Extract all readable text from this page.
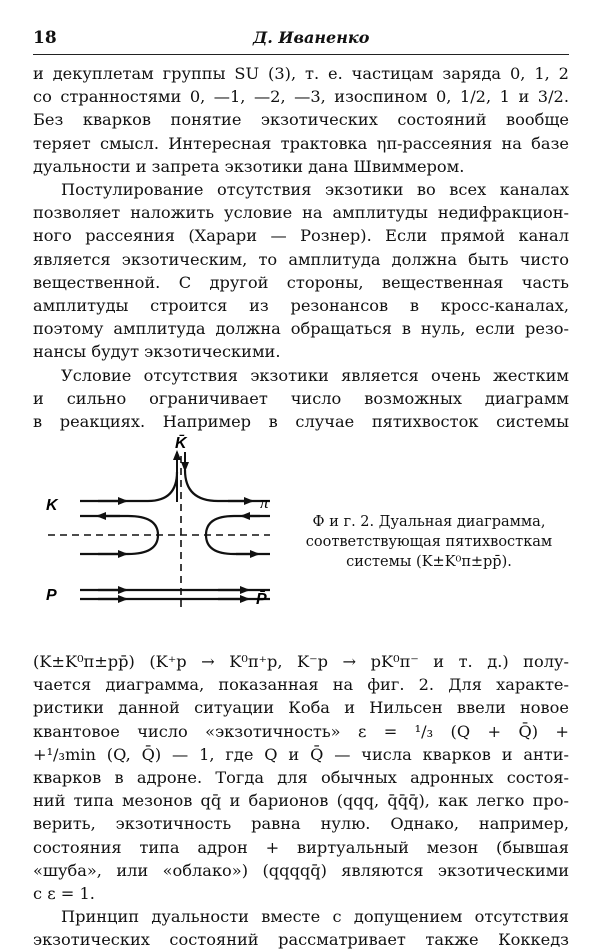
18	Д. Иваненко
и декуплетам группы SU (3), т. е. частицам заряда 0, 1, 2
со странностями 0, —1, —2, —3, изоспином 0, 1/2, 1 и 3/2.
Без кварков понятие экзотических состояний вообще
теряет смысл. Интересная трактовка ηπ-рассеяния на базе
дуальности и запрета экзотики дана Швиммером.
Постулирование отсутствия экзотики во всех каналах
позволяет наложить условие на амплитуды недифракцион-
ного рассеяния (Харари — Рознер). Если прямой канал
является экзотическим, то амплитуда должна быть чисто
вещественной. С другой стороны, вещественная часть
амплитуды строится из резонансов в кросс-каналах,
поэтому амплитуда должна обращаться в нуль, если резо-
нансы будут экзотическими.
Условие отсутствия экзотики является очень жестким
и сильно ограничивает число возможных диаграмм
в реакциях. Например в случае пятихвосток системы
K̄
K	π
P	P̄
Ф и г. 2. Дуальная диаграмма,
соответствующая пятихвосткам
системы (K±K⁰π±pp̄).
(K±K⁰π±pp̄) (K⁺p → K⁰π⁺p, K⁻p → pK⁰π⁻ и т. д.) полу-
чается диаграмма, показанная на фиг. 2. Для характе-
ристики данной ситуации Коба и Нильсен ввели новое
квантовое число «экзотичность» ε = ¹/₃ (Q + Q̄) +
+¹/₃min (Q, Q̄) — 1, где Q и Q̄ — числа кварков и анти-
кварков в адроне. Тогда для обычных адронных состоя-
ний типа мезонов qq̄ и барионов (qqq, q̄q̄q̄), как легко про-
верить, экзотичность равна нулю. Однако, например,
состояния типа адрон + виртуальный мезон (бывшая
«шуба», или «облако») (qqqqq̄) являются экзотическими
с ε = 1.
Принцип дуальности вместе с допущением отсутствия
экзотических состояний рассматривает также Коккедз
